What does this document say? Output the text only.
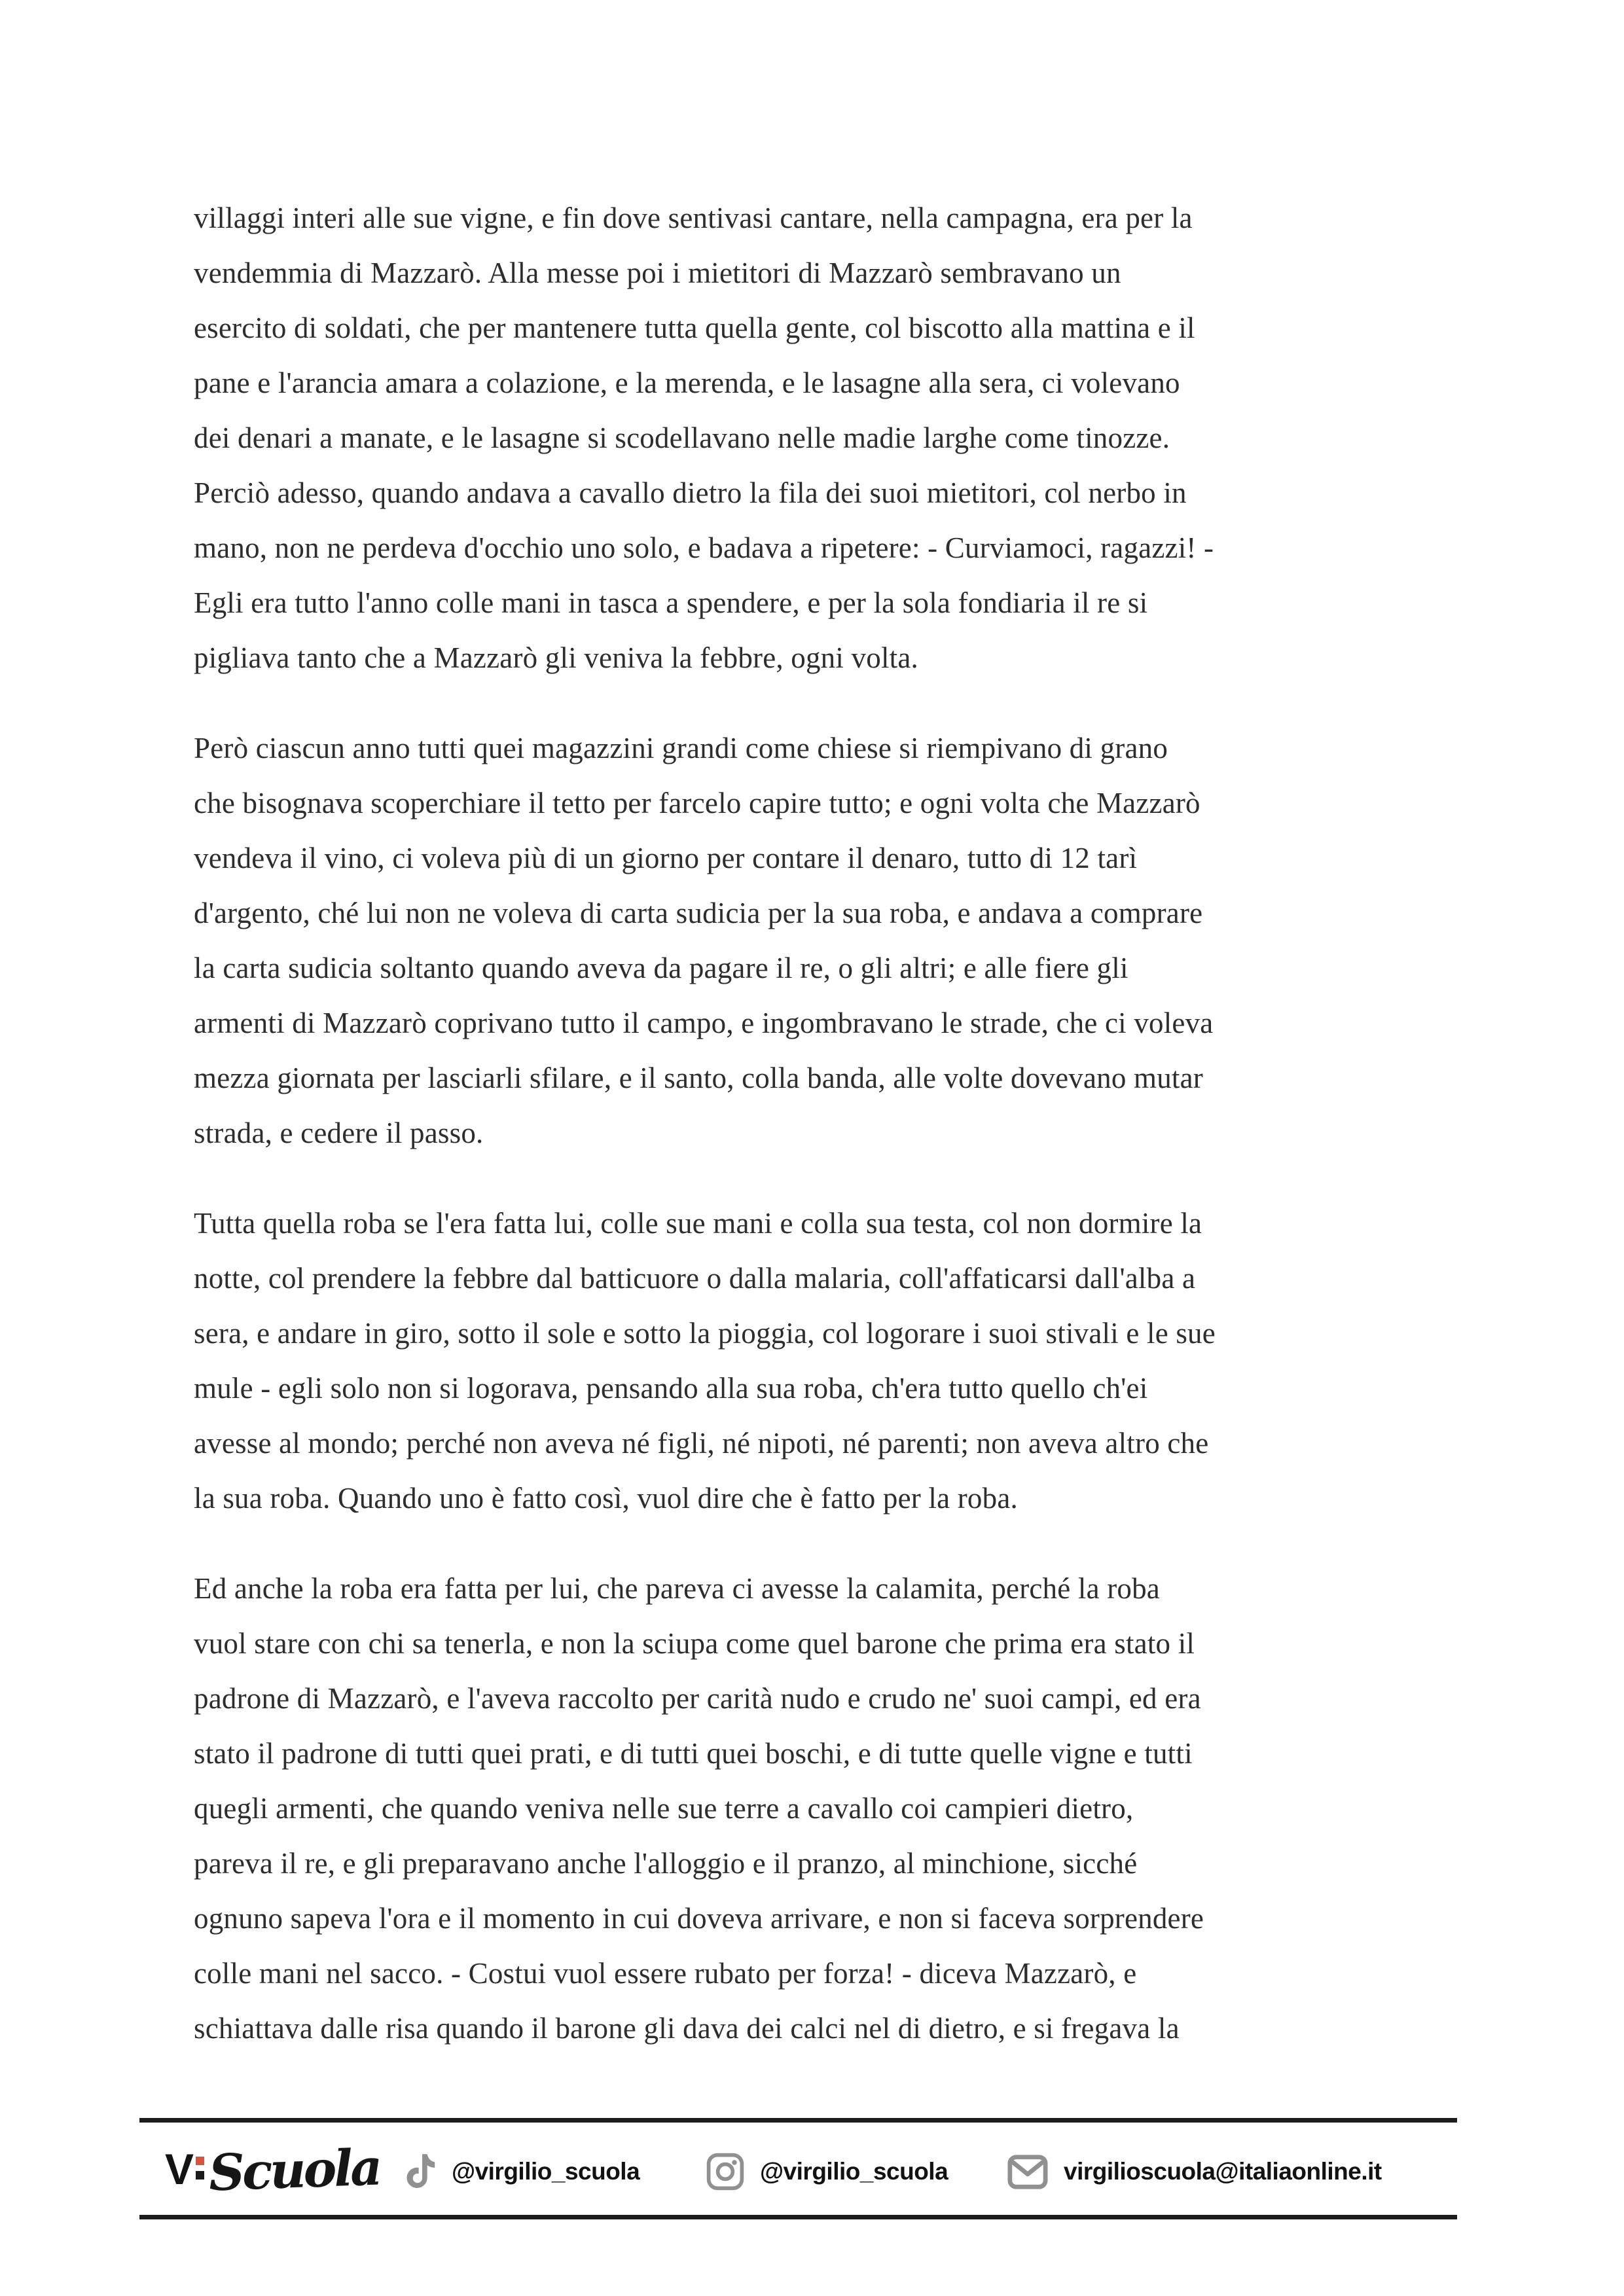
villaggi interi alle sue vigne, e fin dove sentivasi cantare, nella campagna, era per la
vendemmia di Mazzarò. Alla messe poi i mietitori di Mazzarò sembravano un
esercito di soldati, che per mantenere tutta quella gente, col biscotto alla mattina e il
pane e l'arancia amara a colazione, e la merenda, e le lasagne alla sera, ci volevano
dei denari a manate, e le lasagne si scodellavano nelle madie larghe come tinozze.
Perciò adesso, quando andava a cavallo dietro la fila dei suoi mietitori, col nerbo in
mano, non ne perdeva d'occhio uno solo, e badava a ripetere: - Curviamoci, ragazzi! -
Egli era tutto l'anno colle mani in tasca a spendere, e per la sola fondiaria il re si
pigliava tanto che a Mazzarò gli veniva la febbre, ogni volta.
Però ciascun anno tutti quei magazzini grandi come chiese si riempivano di grano
che bisognava scoperchiare il tetto per farcelo capire tutto; e ogni volta che Mazzarò
vendeva il vino, ci voleva più di un giorno per contare il denaro, tutto di 12 tarì
d'argento, ché lui non ne voleva di carta sudicia per la sua roba, e andava a comprare
la carta sudicia soltanto quando aveva da pagare il re, o gli altri; e alle fiere gli
armenti di Mazzarò coprivano tutto il campo, e ingombravano le strade, che ci voleva
mezza giornata per lasciarli sfilare, e il santo, colla banda, alle volte dovevano mutar
strada, e cedere il passo.
Tutta quella roba se l'era fatta lui, colle sue mani e colla sua testa, col non dormire la
notte, col prendere la febbre dal batticuore o dalla malaria, coll'affaticarsi dall'alba a
sera, e andare in giro, sotto il sole e sotto la pioggia, col logorare i suoi stivali e le sue
mule - egli solo non si logorava, pensando alla sua roba, ch'era tutto quello ch'ei
avesse al mondo; perché non aveva né figli, né nipoti, né parenti; non aveva altro che
la sua roba. Quando uno è fatto così, vuol dire che è fatto per la roba.
Ed anche la roba era fatta per lui, che pareva ci avesse la calamita, perché la roba
vuol stare con chi sa tenerla, e non la sciupa come quel barone che prima era stato il
padrone di Mazzarò, e l'aveva raccolto per carità nudo e crudo ne' suoi campi, ed era
stato il padrone di tutti quei prati, e di tutti quei boschi, e di tutte quelle vigne e tutti
quegli armenti, che quando veniva nelle sue terre a cavallo coi campieri dietro,
pareva il re, e gli preparavano anche l'alloggio e il pranzo, al minchione, sicché
ognuno sapeva l'ora e il momento in cui doveva arrivare, e non si faceva sorprendere
colle mani nel sacco. - Costui vuol essere rubato per forza! - diceva Mazzarò, e
schiattava dalle risa quando il barone gli dava dei calci nel di dietro, e si fregava la
V Scuola	@virgilio_scuola	@virgilio_scuola	virgilioscuola@italiaonline.it
